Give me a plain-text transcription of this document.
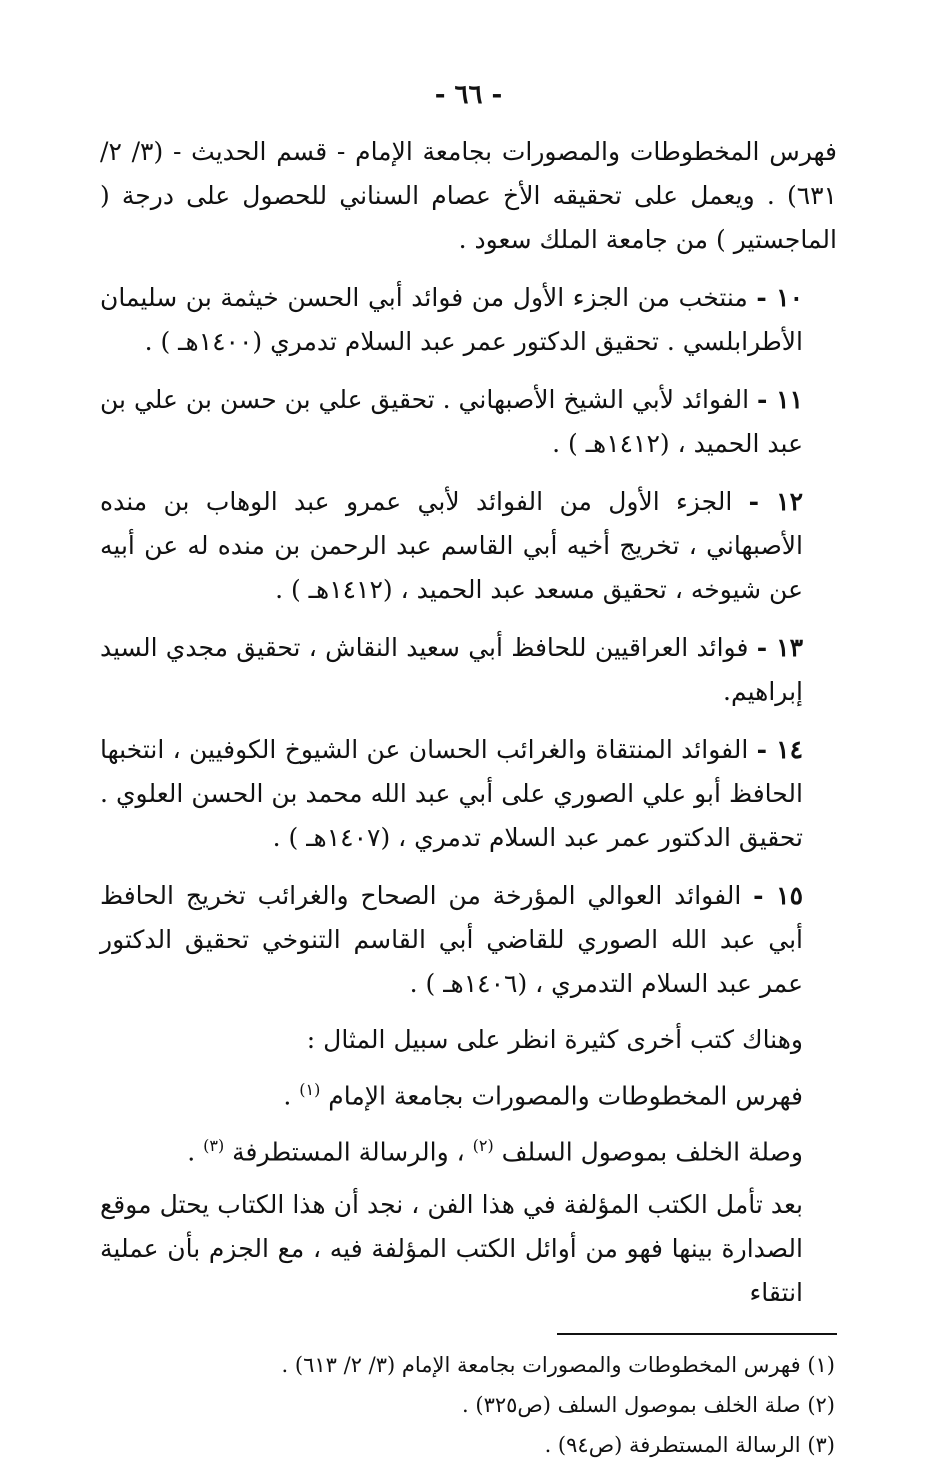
- ٦٦ -

فهرس المخطوطات والمصورات بجامعة الإمام - قسم الحديث - (٣/ ٢/ ٦٣١) . ويعمل على تحقيقه الأخ عصام السناني للحصول على درجة ( الماجستير ) من جامعة الملك سعود .

١٠ - منتخب من الجزء الأول من فوائد أبي الحسن خيثمة بن سليمان الأطرابلسي . تحقيق الدكتور عمر عبد السلام تدمري (١٤٠٠هـ ) .

١١ - الفوائد لأبي الشيخ الأصبهاني . تحقيق علي بن حسن بن علي بن عبد الحميد ، (١٤١٢هـ ) .

١٢ - الجزء الأول من الفوائد لأبي عمرو عبد الوهاب بن منده الأصبهاني ، تخريج أخيه أبي القاسم عبد الرحمن بن منده له عن أبيه عن شيوخه ، تحقيق مسعد عبد الحميد ، (١٤١٢هـ ) .

١٣ - فوائد العراقيين للحافظ أبي سعيد النقاش ، تحقيق مجدي السيد إبراهيم.

١٤ - الفوائد المنتقاة والغرائب الحسان عن الشيوخ الكوفيين ، انتخبها الحافظ أبو علي الصوري على أبي عبد الله محمد بن الحسن العلوي . تحقيق الدكتور عمر عبد السلام تدمري ، (١٤٠٧هـ ) .

١٥ - الفوائد العوالي المؤرخة من الصحاح والغرائب تخريج الحافظ أبي عبد الله الصوري للقاضي أبي القاسم التنوخي تحقيق الدكتور عمر عبد السلام التدمري ، (١٤٠٦هـ ) .

وهناك كتب أخرى كثيرة انظر على سبيل المثال :

فهرس المخطوطات والمصورات بجامعة الإمام $^{(١)}$ .

وصلة الخلف بموصول السلف $^{(٢)}$ ، والرسالة المستطرفة $^{(٣)}$ .

بعد تأمل الكتب المؤلفة في هذا الفن ، نجد أن هذا الكتاب يحتل موقع الصدارة بينها فهو من أوائل الكتب المؤلفة فيه ، مع الجزم بأن عملية انتقاء

(١) فهرس المخطوطات والمصورات بجامعة الإمام (٣/ ٢/ ٦١٣) .

(٢) صلة الخلف بموصول السلف (ص٣٢٥) .

(٣) الرسالة المستطرفة (ص٩٤) .
